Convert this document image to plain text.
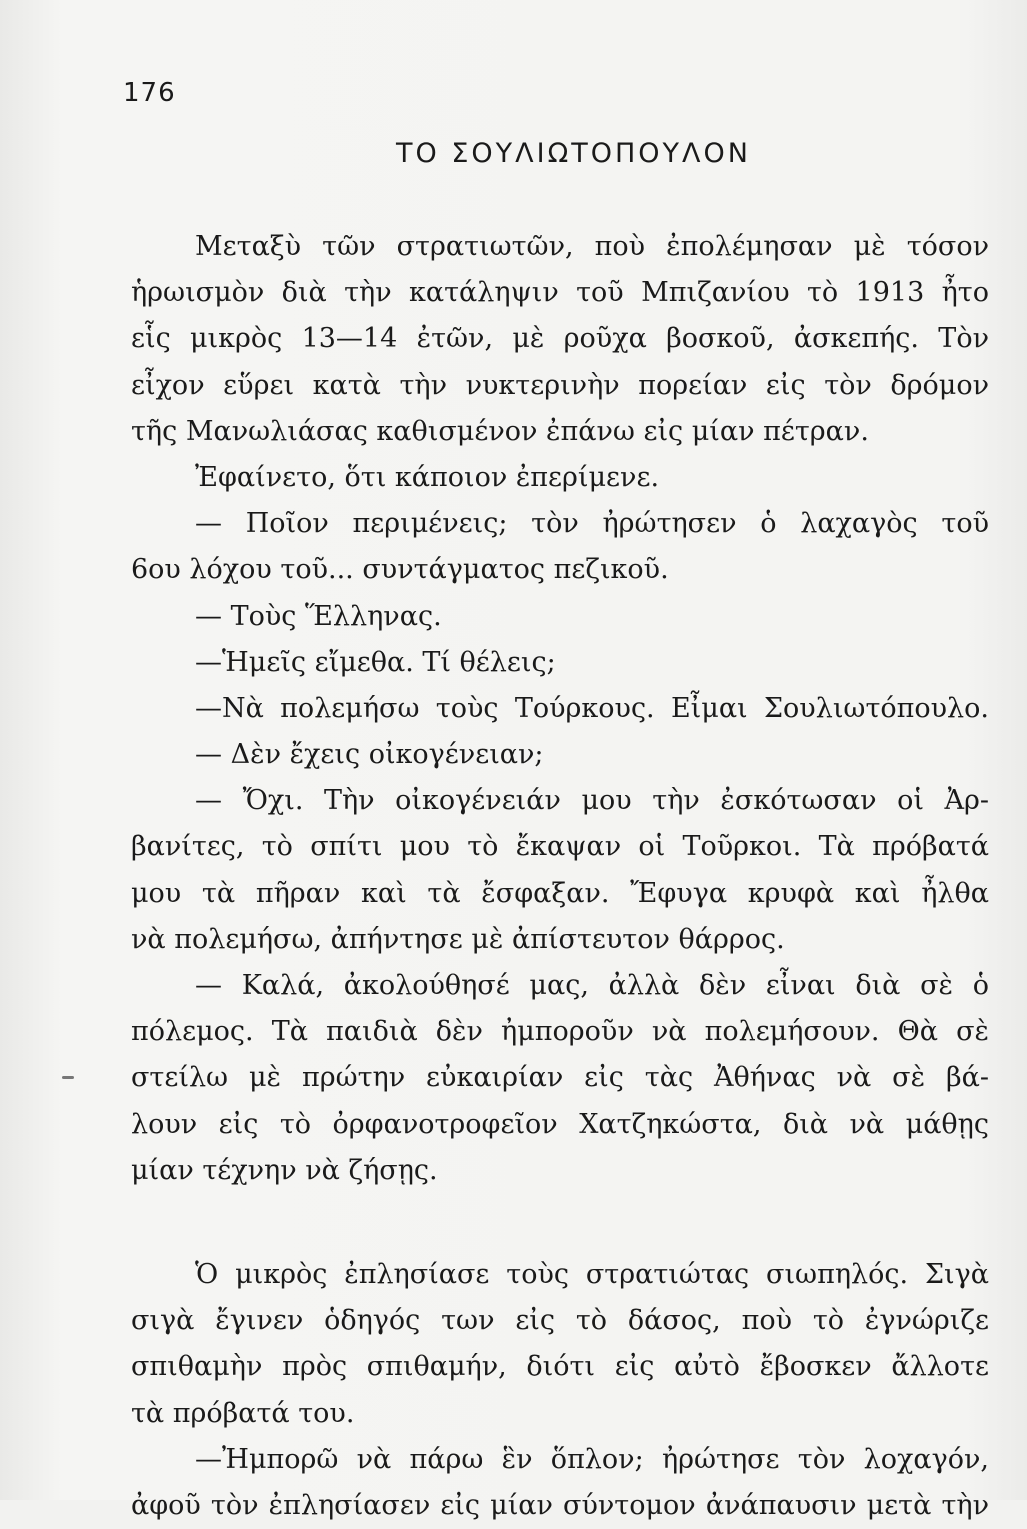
176
ΤΟ ΣΟΥΛΙΩΤΟΠΟΥΛΟΝ
Μεταξὺ τῶν στρατιωτῶν, ποὺ ἐπολέμησαν μὲ τόσον
ἡρωισμὸν διὰ τὴν κατάληψιν τοῦ Μπιζανίου τὸ 1913 ἦτο
εἷς μικρὸς 13—14 ἐτῶν, μὲ ροῦχα βοσκοῦ, ἀσκεπής. Τὸν
εἶχον εὕρει κατὰ τὴν νυκτερινὴν πορείαν εἰς τὸν δρόμον
τῆς Μανωλιάσας καθισμένον ἐπάνω εἰς μίαν πέτραν.
Ἐφαίνετο, ὅτι κάποιον ἐπερίμενε.
— Ποῖον περιμένεις; τὸν ἠρώτησεν ὁ λαχαγὸς τοῦ
6ου λόχου τοῦ... συντάγματος πεζικοῦ.
— Τοὺς Ἕλληνας.
—Ἡμεῖς εἴμεθα. Τί θέλεις;
—Νὰ πολεμήσω τοὺς Τούρκους. Εἶμαι Σουλιωτόπουλο.
— Δὲν ἔχεις οἰκογένειαν;
— Ὄχι. Τὴν οἰκογένειάν μου τὴν ἐσκότωσαν οἱ Ἀρ-
βανίτες, τὸ σπίτι μου τὸ ἔκαψαν οἱ Τοῦρκοι. Τὰ πρόβατά
μου τὰ πῆραν καὶ τὰ ἔσφαξαν. Ἔφυγα κρυφὰ καὶ ἦλθα
νὰ πολεμήσω, ἀπήντησε μὲ ἀπίστευτον θάρρος.
— Καλά, ἀκολούθησέ μας, ἀλλὰ δὲν εἶναι διὰ σὲ ὁ
πόλεμος. Τὰ παιδιὰ δὲν ἠμποροῦν νὰ πολεμήσουν. Θὰ σὲ
στείλω μὲ πρώτην εὐκαιρίαν εἰς τὰς Ἀθήνας νὰ σὲ βά-
λουν εἰς τὸ ὀρφανοτροφεῖον Χατζηκώστα, διὰ νὰ μάθῃς
μίαν τέχνην νὰ ζήσῃς.
Ὁ μικρὸς ἐπλησίασε τοὺς στρατιώτας σιωπηλός. Σιγὰ
σιγὰ ἔγινεν ὁδηγός των εἰς τὸ δάσος, ποὺ τὸ ἐγνώριζε
σπιθαμὴν πρὸς σπιθαμήν, διότι εἰς αὐτὸ ἔβοσκεν ἄλλοτε
τὰ πρόβατά του.
—Ἠμπορῶ νὰ πάρω ἓν ὅπλον; ἠρώτησε τὸν λοχαγόν,
ἀφοῦ τὸν ἐπλησίασεν εἰς μίαν σύντομον ἀνάπαυσιν μετὰ τὴν
